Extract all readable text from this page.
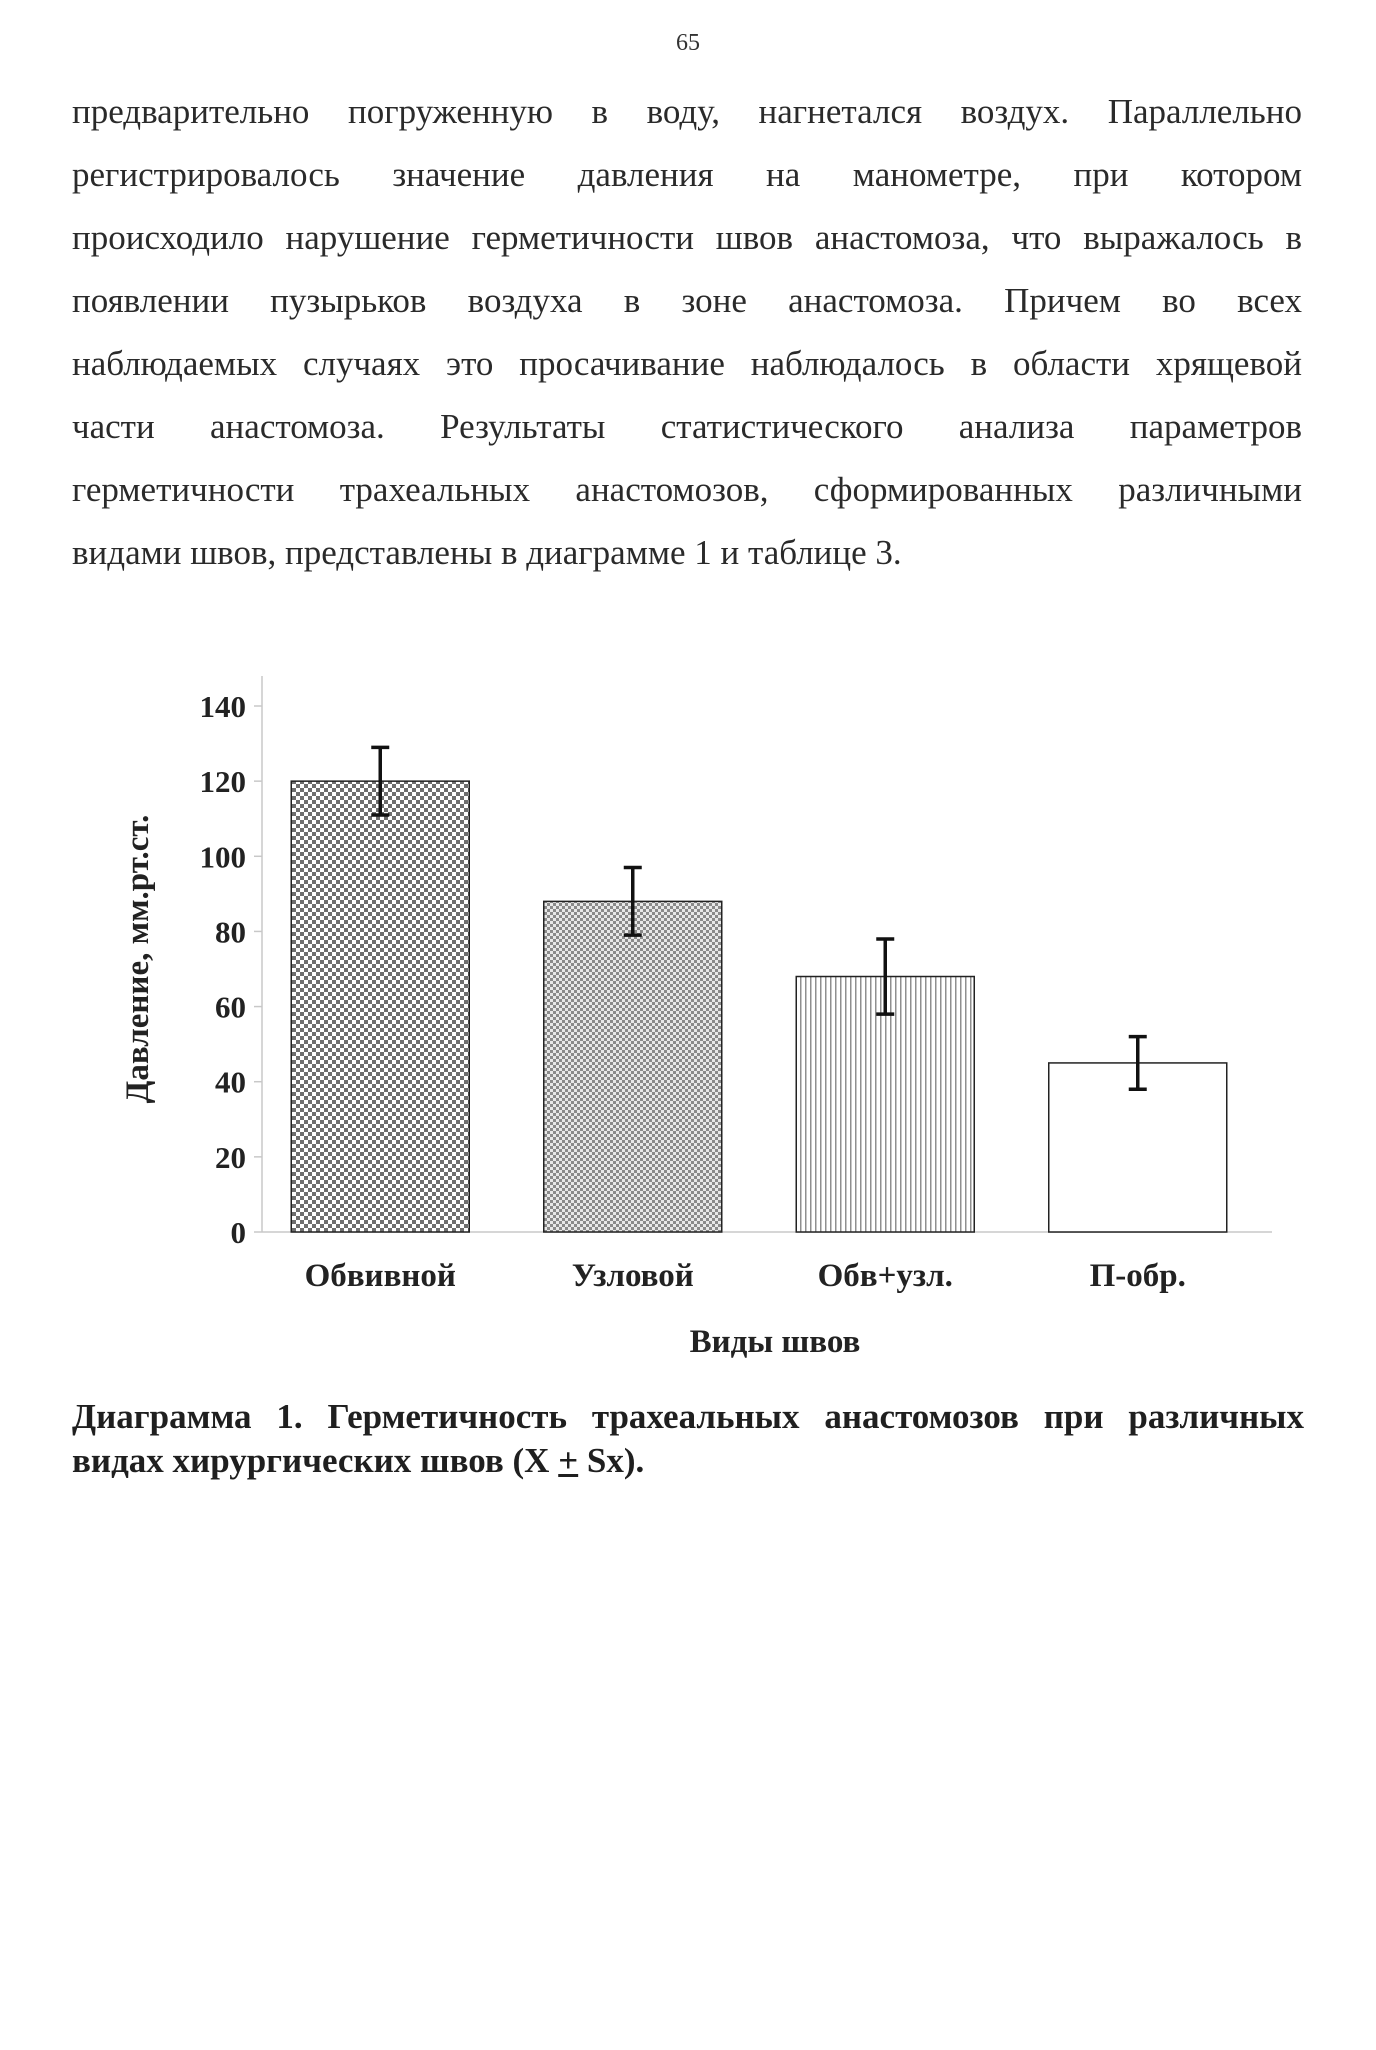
65
предварительно погруженную в воду, нагнетался воздух. Параллельно
регистрировалось значение давления на манометре, при котором
происходило нарушение герметичности швов анастомоза, что выражалось в
появлении пузырьков воздуха в зоне анастомоза. Причем во всех
наблюдаемых случаях это просачивание наблюдалось в области хрящевой
части анастомоза. Результаты статистического анализа параметров
герметичности трахеальных анастомозов, сформированных различными
видами швов, представлены в диаграмме 1 и таблице 3.
Давление, мм.рт.ст.
0
20
40
60
80
100
120
140
Обвивной	Узловой	Обв+узл.	П-обр.
Виды швов
Диаграмма 1. Герметичность трахеальных анастомозов при различных
видах хирургических швов (X + Sx).
